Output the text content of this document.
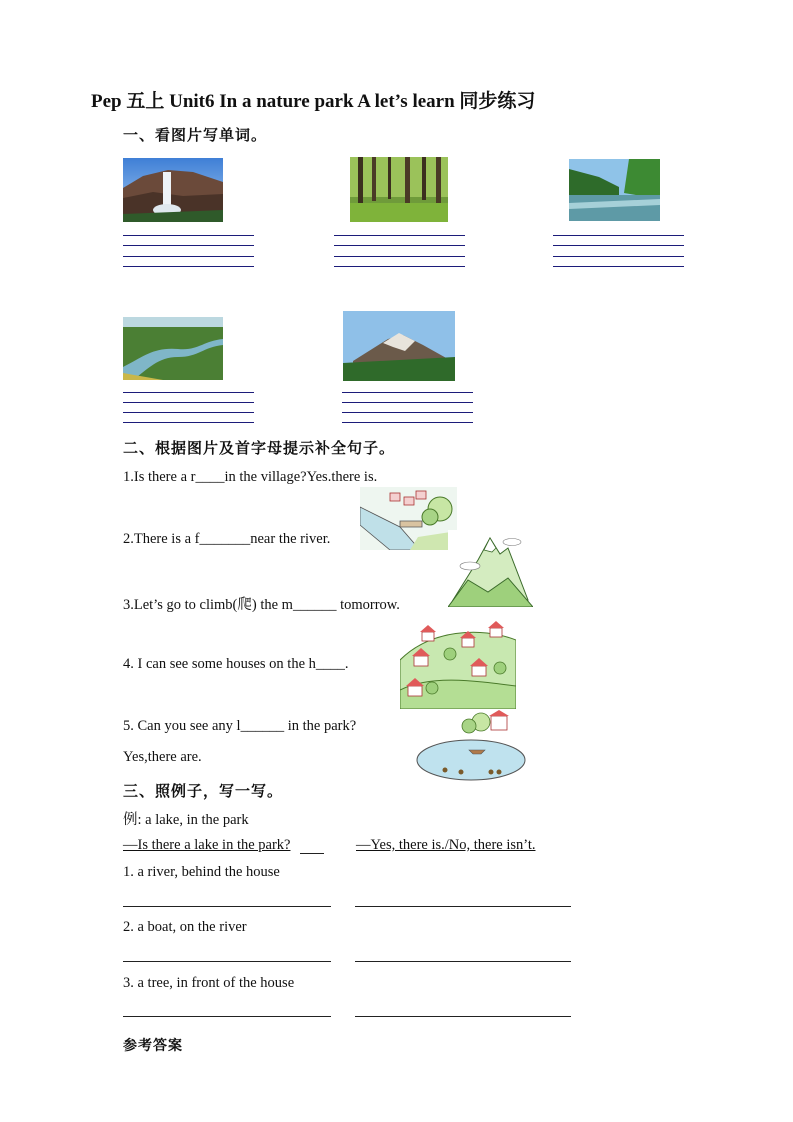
Pep 五上 Unit6 In a nature park A let’s learn 同步练习
一、看图片写单词。
二、根据图片及首字母提示补全句子。
1.Is there a r____in the village?Yes.there is.
2.There is a f_______near the river.
3.Let’s go to climb(爬) the m______ tomorrow.
4. I can see some houses on the h____.
5. Can you see any l______ in the park?
Yes,there are.
三、照例子，写一写。
例: a lake, in the park
—Is there a lake in the park?	—Yes, there is./No, there isn’t.
1. a river, behind the house
2. a boat, on the river
3. a tree, in front of the house
参考答案
